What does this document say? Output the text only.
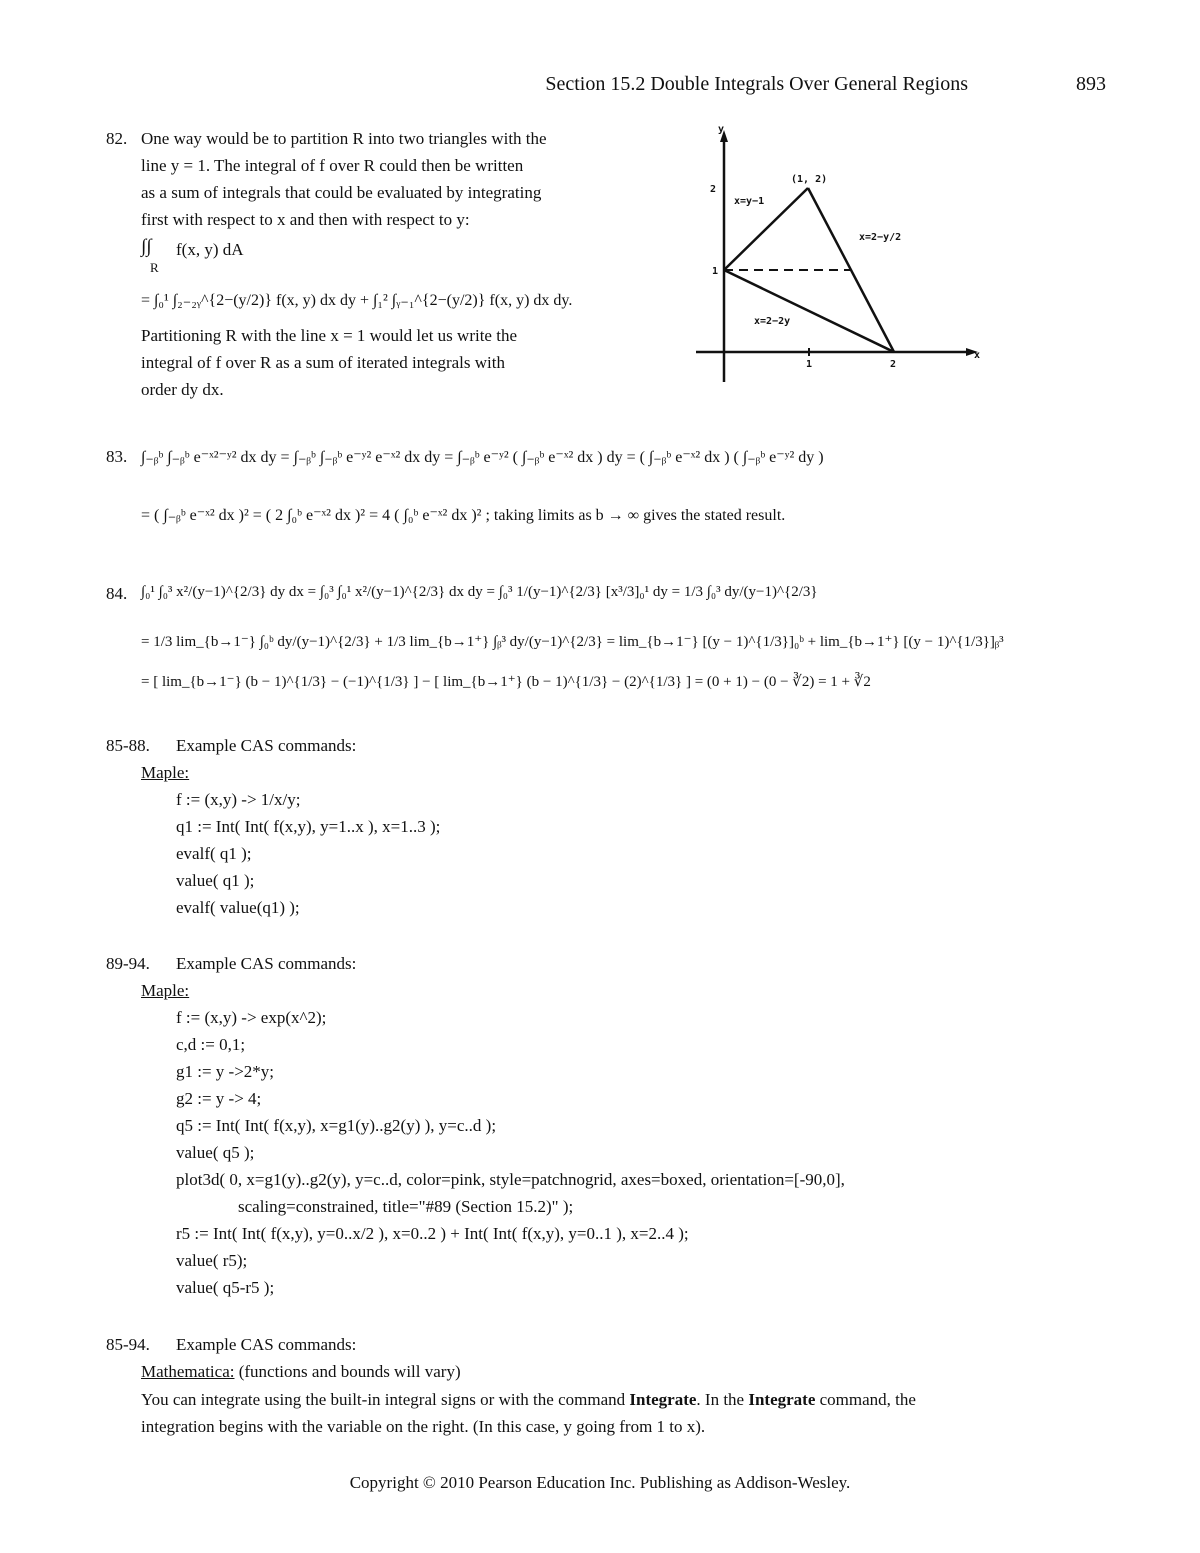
Section 15.2 Double Integrals Over General Regions	893
82. One way would be to partition R into two triangles with the
line y = 1. The integral of f over R could then be written
as a sum of integrals that could be evaluated by integrating
first with respect to x and then with respect to y:
∫∫ f(x, y) dA
R
= ∫₀¹ ∫₂₋₂ᵧ^{2−(y/2)} f(x, y) dx dy + ∫₁² ∫ᵧ₋₁^{2−(y/2)} f(x, y) dx dy.
Partitioning R with the line x = 1 would let us write the
integral of f over R as a sum of iterated integrals with
order dy dx.
y
x
2
1
1	2
(1, 2)
x=y−1
x=2−y/2
x=2−2y
83. ∫₋ᵦᵇ ∫₋ᵦᵇ e⁻ˣ²⁻ʸ² dx dy = ∫₋ᵦᵇ ∫₋ᵦᵇ e⁻ʸ² e⁻ˣ² dx dy = ∫₋ᵦᵇ e⁻ʸ² ( ∫₋ᵦᵇ e⁻ˣ² dx ) dy = ( ∫₋ᵦᵇ e⁻ˣ² dx ) ( ∫₋ᵦᵇ e⁻ʸ² dy )
= ( ∫₋ᵦᵇ e⁻ˣ² dx )² = ( 2 ∫₀ᵇ e⁻ˣ² dx )² = 4 ( ∫₀ᵇ e⁻ˣ² dx )² ; taking limits as b → ∞ gives the stated result.
84. ∫₀¹ ∫₀³ x²/(y−1)^{2/3} dy dx = ∫₀³ ∫₀¹ x²/(y−1)^{2/3} dx dy = ∫₀³ 1/(y−1)^{2/3} [x³/3]₀¹ dy = 1/3 ∫₀³ dy/(y−1)^{2/3}
= 1/3 lim_{b→1⁻} ∫₀ᵇ dy/(y−1)^{2/3} + 1/3 lim_{b→1⁺} ∫ᵦ³ dy/(y−1)^{2/3} = lim_{b→1⁻} [(y − 1)^{1/3}]₀ᵇ + lim_{b→1⁺} [(y − 1)^{1/3}]ᵦ³
= [ lim_{b→1⁻} (b − 1)^{1/3} − (−1)^{1/3} ] − [ lim_{b→1⁺} (b − 1)^{1/3} − (2)^{1/3} ] = (0 + 1) − (0 − ∛2) = 1 + ∛2
85-88. Example CAS commands:
Maple:
f := (x,y) -> 1/x/y;
q1 := Int( Int( f(x,y), y=1..x ), x=1..3 );
evalf( q1 );
value( q1 );
evalf( value(q1) );
89-94. Example CAS commands:
Maple:
f := (x,y) -> exp(x^2);
c,d := 0,1;
g1 := y ->2*y;
g2 := y -> 4;
q5 := Int( Int( f(x,y), x=g1(y)..g2(y) ), y=c..d );
value( q5 );
plot3d( 0, x=g1(y)..g2(y), y=c..d, color=pink, style=patchnogrid, axes=boxed, orientation=[-90,0],
scaling=constrained, title="#89 (Section 15.2)" );
r5 := Int( Int( f(x,y), y=0..x/2 ), x=0..2 ) + Int( Int( f(x,y), y=0..1 ), x=2..4 );
value( r5);
value( q5-r5 );
85-94. Example CAS commands:
Mathematica: (functions and bounds will vary)
You can integrate using the built-in integral signs or with the command Integrate. In the Integrate command, the
integration begins with the variable on the right. (In this case, y going from 1 to x).
Copyright © 2010 Pearson Education Inc. Publishing as Addison-Wesley.
